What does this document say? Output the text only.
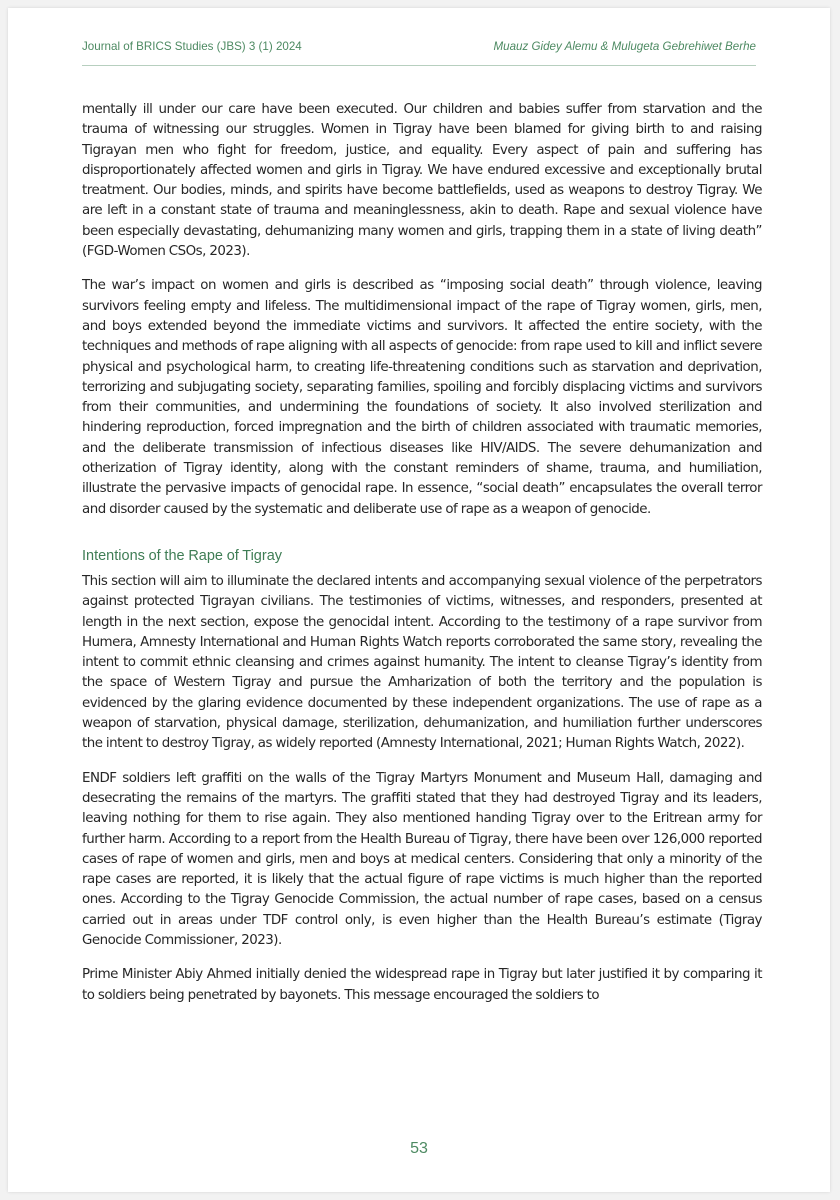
Journal of BRICS Studies (JBS) 3 (1) 2024	Muauz Gidey Alemu & Mulugeta Gebrehiwet Berhe

mentally ill under our care have been executed. Our children and babies suffer from starvation and the trauma of witnessing our struggles. Women in Tigray have been blamed for giving birth to and raising Tigrayan men who fight for freedom, justice, and equality. Every aspect of pain and suffering has disproportionately affected women and girls in Tigray. We have endured excessive and exceptionally brutal treatment. Our bodies, minds, and spirits have become battlefields, used as weapons to destroy Tigray. We are left in a constant state of trauma and meaninglessness, akin to death. Rape and sexual violence have been especially devastating, dehumanizing many women and girls, trapping them in a state of living death” (FGD-Women CSOs, 2023).

The war’s impact on women and girls is described as “imposing social death” through violence, leaving survivors feeling empty and lifeless. The multidimensional impact of the rape of Tigray women, girls, men, and boys extended beyond the immediate victims and survivors. It affected the entire society, with the techniques and methods of rape aligning with all aspects of genocide: from rape used to kill and inflict severe physical and psychological harm, to creating life-threatening conditions such as starvation and deprivation, terrorizing and subjugating society, separating families, spoiling and forcibly displacing victims and survivors from their communities, and undermining the foundations of society. It also involved sterilization and hindering reproduction, forced impregnation and the birth of children associated with traumatic memories, and the deliberate transmission of infectious diseases like HIV/AIDS. The severe dehumanization and otherization of Tigray identity, along with the constant reminders of shame, trauma, and humiliation, illustrate the pervasive impacts of genocidal rape. In essence, “social death” encapsulates the overall terror and disorder caused by the systematic and deliberate use of rape as a weapon of genocide.

Intentions of the Rape of Tigray

This section will aim to illuminate the declared intents and accompanying sexual violence of the perpetrators against protected Tigrayan civilians. The testimonies of victims, witnesses, and responders, presented at length in the next section, expose the genocidal intent. According to the testimony of a rape survivor from Humera, Amnesty International and Human Rights Watch reports corroborated the same story, revealing the intent to commit ethnic cleansing and crimes against humanity. The intent to cleanse Tigray’s identity from the space of Western Tigray and pursue the Amharization of both the territory and the population is evidenced by the glaring evidence documented by these independent organizations. The use of rape as a weapon of starvation, physical damage, sterilization, dehumanization, and humiliation further underscores the intent to destroy Tigray, as widely reported (Amnesty International, 2021; Human Rights Watch, 2022).

ENDF soldiers left graffiti on the walls of the Tigray Martyrs Monument and Museum Hall, damaging and desecrating the remains of the martyrs. The graffiti stated that they had destroyed Tigray and its leaders, leaving nothing for them to rise again. They also mentioned handing Tigray over to the Eritrean army for further harm. According to a report from the Health Bureau of Tigray, there have been over 126,000 reported cases of rape of women and girls, men and boys at medical centers. Considering that only a minority of the rape cases are reported, it is likely that the actual figure of rape victims is much higher than the reported ones. According to the Tigray Genocide Commission, the actual number of rape cases, based on a census carried out in areas under TDF control only, is even higher than the Health Bureau’s estimate (Tigray Genocide Commissioner, 2023).

Prime Minister Abiy Ahmed initially denied the widespread rape in Tigray but later justified it by comparing it to soldiers being penetrated by bayonets. This message encouraged the soldiers to

53
